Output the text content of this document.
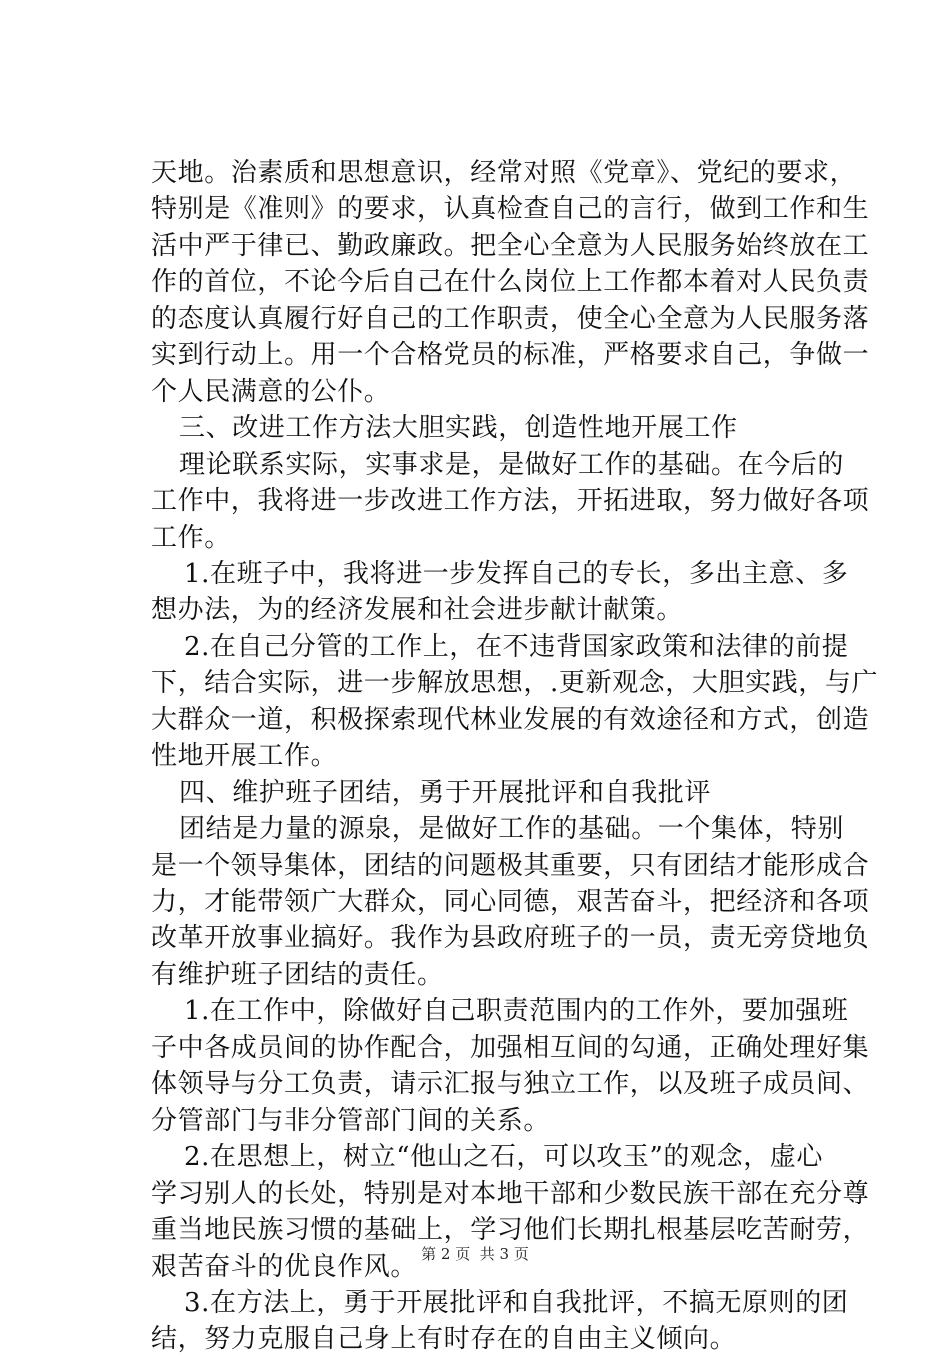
天地。治素质和思想意识，经常对照《党章》、党纪的要求，
特别是《准则》的要求，认真检查自己的言行，做到工作和生
活中严于律已、勤政廉政。把全心全意为人民服务始终放在工
作的首位，不论今后自己在什么岗位上工作都本着对人民负责
的态度认真履行好自己的工作职责，使全心全意为人民服务落
实到行动上。用一个合格党员的标准，严格要求自己，争做一
个人民满意的公仆。
三、改进工作方法大胆实践，创造性地开展工作
理论联系实际，实事求是，是做好工作的基础。在今后的
工作中，我将进一步改进工作方法，开拓进取，努力做好各项
工作。
1.在班子中，我将进一步发挥自己的专长，多出主意、多
想办法，为的经济发展和社会进步献计献策。
2.在自己分管的工作上，在不违背国家政策和法律的前提
下，结合实际，进一步解放思想，.更新观念，大胆实践，与广
大群众一道，积极探索现代林业发展的有效途径和方式，创造
性地开展工作。
四、维护班子团结，勇于开展批评和自我批评
团结是力量的源泉，是做好工作的基础。一个集体，特别
是一个领导集体，团结的问题极其重要，只有团结才能形成合
力，才能带领广大群众，同心同德，艰苦奋斗，把经济和各项
改革开放事业搞好。我作为县政府班子的一员，责无旁贷地负
有维护班子团结的责任。
1.在工作中，除做好自己职责范围内的工作外，要加强班
子中各成员间的协作配合，加强相互间的勾通，正确处理好集
体领导与分工负责，请示汇报与独立工作，以及班子成员间、
分管部门与非分管部门间的关系。
2.在思想上，树立“他山之石，可以攻玉”的观念，虚心
学习别人的长处，特别是对本地干部和少数民族干部在充分尊
重当地民族习惯的基础上，学习他们长期扎根基层吃苦耐劳，
艰苦奋斗的优良作风。
3.在方法上，勇于开展批评和自我批评，不搞无原则的团
结，努力克服自己身上有时存在的自由主义倾向。
第 2 页  共 3 页
